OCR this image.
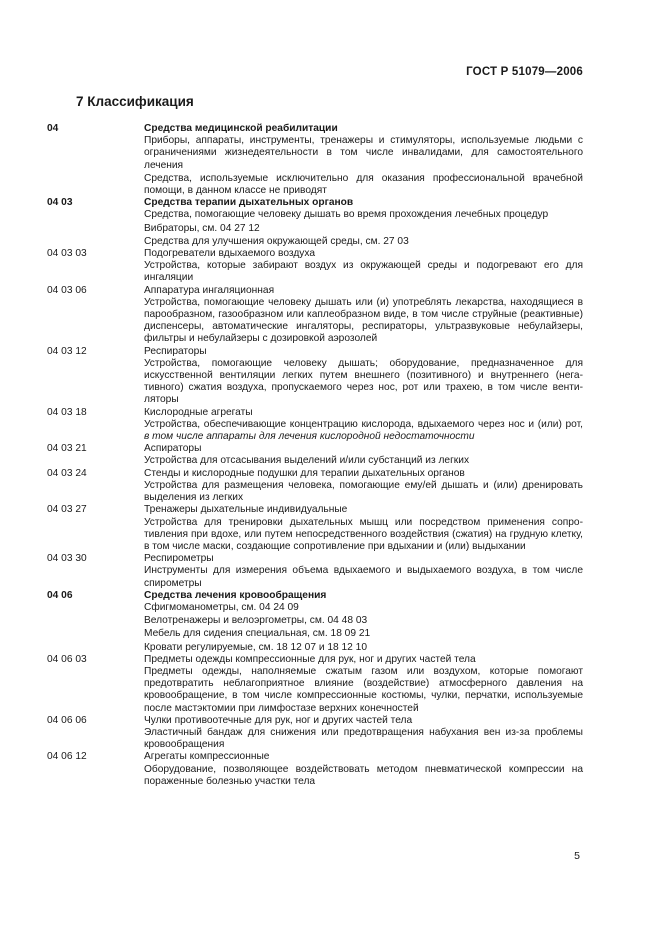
ГОСТ Р 51079—2006
7 Классификация
04	Средства медицинской реабилитации
Приборы, аппараты, инструменты, тренажеры и стимуляторы, используемые людьми с ограничениями жизнедеятельности в том числе инвалидами, для самостоятельного лечения
Средства, используемые исключительно для оказания профессиональной врачебной помощи, в данном классе не приводят
04 03	Средства терапии дыхательных органов
Средства, помогающие человеку дышать во время прохождения лечебных процедур
Вибраторы, см. 04 27 12
Средства для улучшения окружающей среды, см. 27 03
04 03 03	Подогреватели вдыхаемого воздуха
Устройства, которые забирают воздух из окружающей среды и подогревают его для ингаляции
04 03 06	Аппаратура ингаляционная
Устройства, помогающие человеку дышать или (и) употреблять лекарства, находящиеся в парообразном, газообразном или каплеобразном виде, в том числе струйные (реактивные) диспенсеры, автоматические ингаляторы, респираторы, ультразвуковые небулайзеры, фильтры и небулайзеры с дозировкой аэрозолей
04 03 12	Респираторы
Устройства, помогающие человеку дышать; оборудование, предназначенное для искусственной вентиляции легких путем внешнего (позитивного) и внутреннего (негативного) сжатия воздуха, пропускаемого через нос, рот или трахею, в том числе вентиляторы
04 03 18	Кислородные агрегаты
Устройства, обеспечивающие концентрацию кислорода, вдыхаемого через нос и (или) рот, в том числе аппараты для лечения кислородной недостаточности
04 03 21	Аспираторы
Устройства для отсасывания выделений и/или субстанций из легких
04 03 24	Стенды и кислородные подушки для терапии дыхательных органов
Устройства для размещения человека, помогающие ему/ей дышать и (или) дренировать выделения из легких
04 03 27	Тренажеры дыхательные индивидуальные
Устройства для тренировки дыхательных мышц или посредством применения сопротивления при вдохе, или путем непосредственного воздействия (сжатия) на грудную клетку, в том числе маски, создающие сопротивление при вдыхании и (или) выдыхании
04 03 30	Респирометры
Инструменты для измерения объема вдыхаемого и выдыхаемого воздуха, в том числе спирометры
04 06	Средства лечения кровообращения
Сфигмоманометры, см. 04 24 09
Велотренажеры и велоэргометры, см. 04 48 03
Мебель для сидения специальная, см. 18 09 21
Кровати регулируемые, см. 18 12 07 и 18 12 10
04 06 03	Предметы одежды компрессионные для рук, ног и других частей тела
Предметы одежды, наполняемые сжатым газом или воздухом, которые помогают предотвратить неблагоприятное влияние (воздействие) атмосферного давления на кровообращение, в том числе компрессионные костюмы, чулки, перчатки, используемые после мастэктомии при лимфостазе верхних конечностей
04 06 06	Чулки противоотечные для рук, ног и других частей тела
Эластичный бандаж для снижения или предотвращения набухания вен из-за проблемы кровообращения
04 06 12	Агрегаты компрессионные
Оборудование, позволяющее воздействовать методом пневматической компрессии на пораженные болезнью участки тела
5
